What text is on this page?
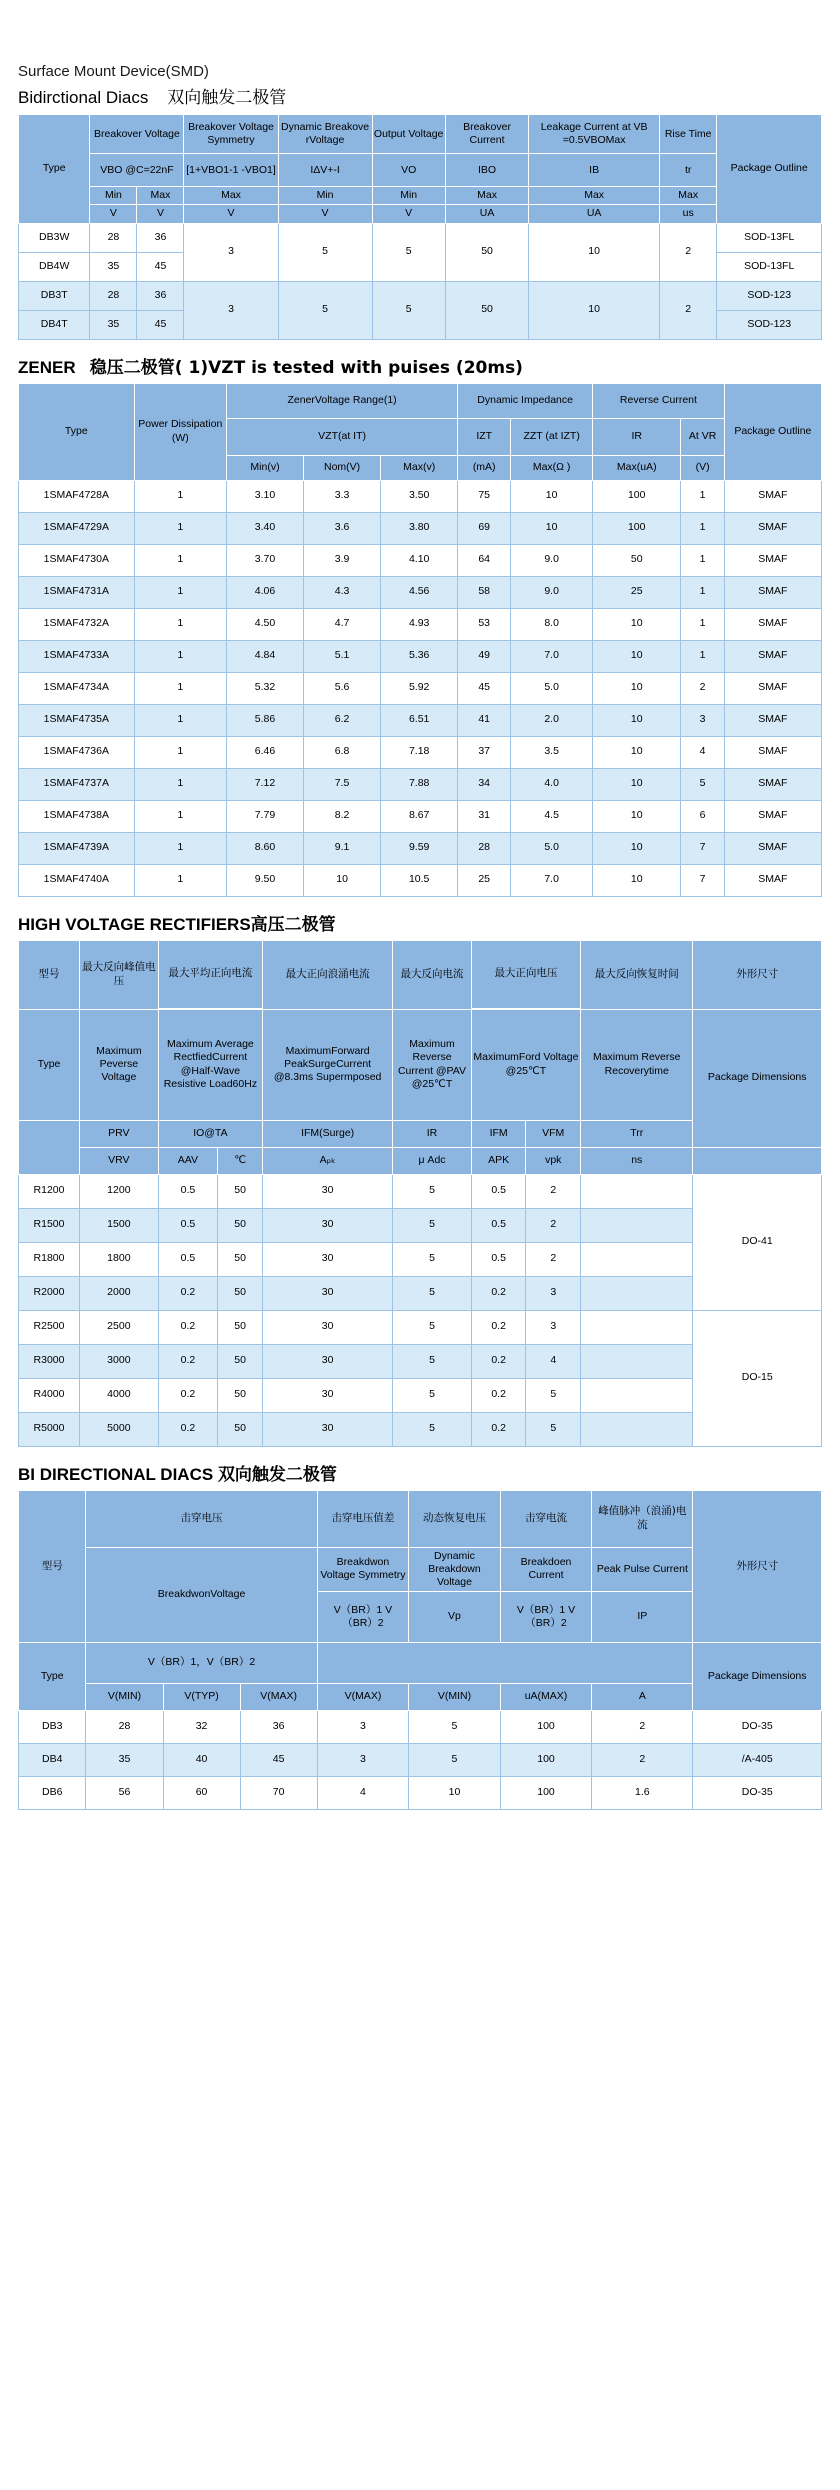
Surface Mount Device(SMD)
Bidirctional Diacs 双向触发二极管
Type	Breakover Voltage		Breakover Voltage Symmetry	Dynamic Breakove rVoltage	Output Voltage	Breakover Current	Leakage Current at VB =0.5VBOMax	Rise Time	Package Outline
	VBO @C=22nF		[1+VBO1-1 -VBO1]	IΔV+-I	VO	IBO	IB	tr	
	Min	Max	Max	Min	Min	Max	Max	Max	
	V	V	V	V	V	UA	UA	us	
DB3W	28	36	3	5	5	50	10	2	SOD-13FL
DB4W	35	45							SOD-13FL
DB3T	28	36	3	5	5	50	10	2	SOD-123
DB4T	35	45							SOD-123
ZENER 稳压二极管( 1)VZT is tested with puises (20ms)
Type	Power Dissipation (W)	ZenerVoltage Range(1)			Dynamic Impedance		Reverse Current		Package Outline
		VZT(at IT)			IZT	ZZT (at IZT)	IR	At VR	
		Min(v)	Nom(V)	Max(v)	(mA)	Max(Ω )	Max(uA)	(V)	
1SMAF4728A	1	3.10	3.3	3.50	75	10	100	1	SMAF
1SMAF4729A	1	3.40	3.6	3.80	69	10	100	1	SMAF
1SMAF4730A	1	3.70	3.9	4.10	64	9.0	50	1	SMAF
1SMAF4731A	1	4.06	4.3	4.56	58	9.0	25	1	SMAF
1SMAF4732A	1	4.50	4.7	4.93	53	8.0	10	1	SMAF
1SMAF4733A	1	4.84	5.1	5.36	49	7.0	10	1	SMAF
1SMAF4734A	1	5.32	5.6	5.92	45	5.0	10	2	SMAF
1SMAF4735A	1	5.86	6.2	6.51	41	2.0	10	3	SMAF
1SMAF4736A	1	6.46	6.8	7.18	37	3.5	10	4	SMAF
1SMAF4737A	1	7.12	7.5	7.88	34	4.0	10	5	SMAF
1SMAF4738A	1	7.79	8.2	8.67	31	4.5	10	6	SMAF
1SMAF4739A	1	8.60	9.1	9.59	28	5.0	10	7	SMAF
1SMAF4740A	1	9.50	10	10.5	25	7.0	10	7	SMAF
HIGH VOLTAGE RECTIFIERS高压二极管
型号	最大反向峰值电压	最大平均正向电流		最大正向浪涌电流	最大反向电流	最大正向电压		最大反向恢复时间	外形尺寸

Type	Maximum Peverse Voltage	Maximum Average RectfiedCurrent @Half-Wave Resistive Load60Hz		MaximumForward PeakSurgeCurrent @8.3ms Supermposed	Maximum Reverse Current @PAV @25℃T	MaximumFord Voltage @25℃T		Maximum Reverse Recoverytime	Package Dimensions

	PRV	IO@TA		IFM(Surge)	IR	IFM	VFM	Trr	
	VRV	AAV	℃	Aₚₖ	μ Adc	APK	vpk	ns	
R1200	1200	0.5	50	30	5	0.5	2		DO-41
R1500	1500	0.5	50	30	5	0.5	2		
R1800	1800	0.5	50	30	5	0.5	2		
R2000	2000	0.2	50	30	5	0.2	3		
R2500	2500	0.2	50	30	5	0.2	3		DO-15
R3000	3000	0.2	50	30	5	0.2	4		
R4000	4000	0.2	50	30	5	0.2	5		
R5000	5000	0.2	50	30	5	0.2	5		
BI DIRECTIONAL DIACS 双向触发二极管
型号	击穿电压			击穿电压值差	动态恢复电压	击穿电流	峰值脉冲（浪涌)电流	外形尺寸
	BreakdwonVoltage			Breakdwon Voltage Symmetry	Dynamic Breakdown Voltage	Breakdoen Current	Peak Pulse Current	
				V（BR）1 V（BR）2	Vp	V（BR）1 V（BR）2	IP	
Type	V（BR）1，V（BR）2							Package Dimensions
	V(MIN)	V(TYP)	V(MAX)	V(MAX)	V(MIN)	uA(MAX)	A	
DB3	28	32	36	3	5	100	2	DO-35
DB4	35	40	45	3	5	100	2	/A-405
DB6	56	60	70	4	10	100	1.6	DO-35
